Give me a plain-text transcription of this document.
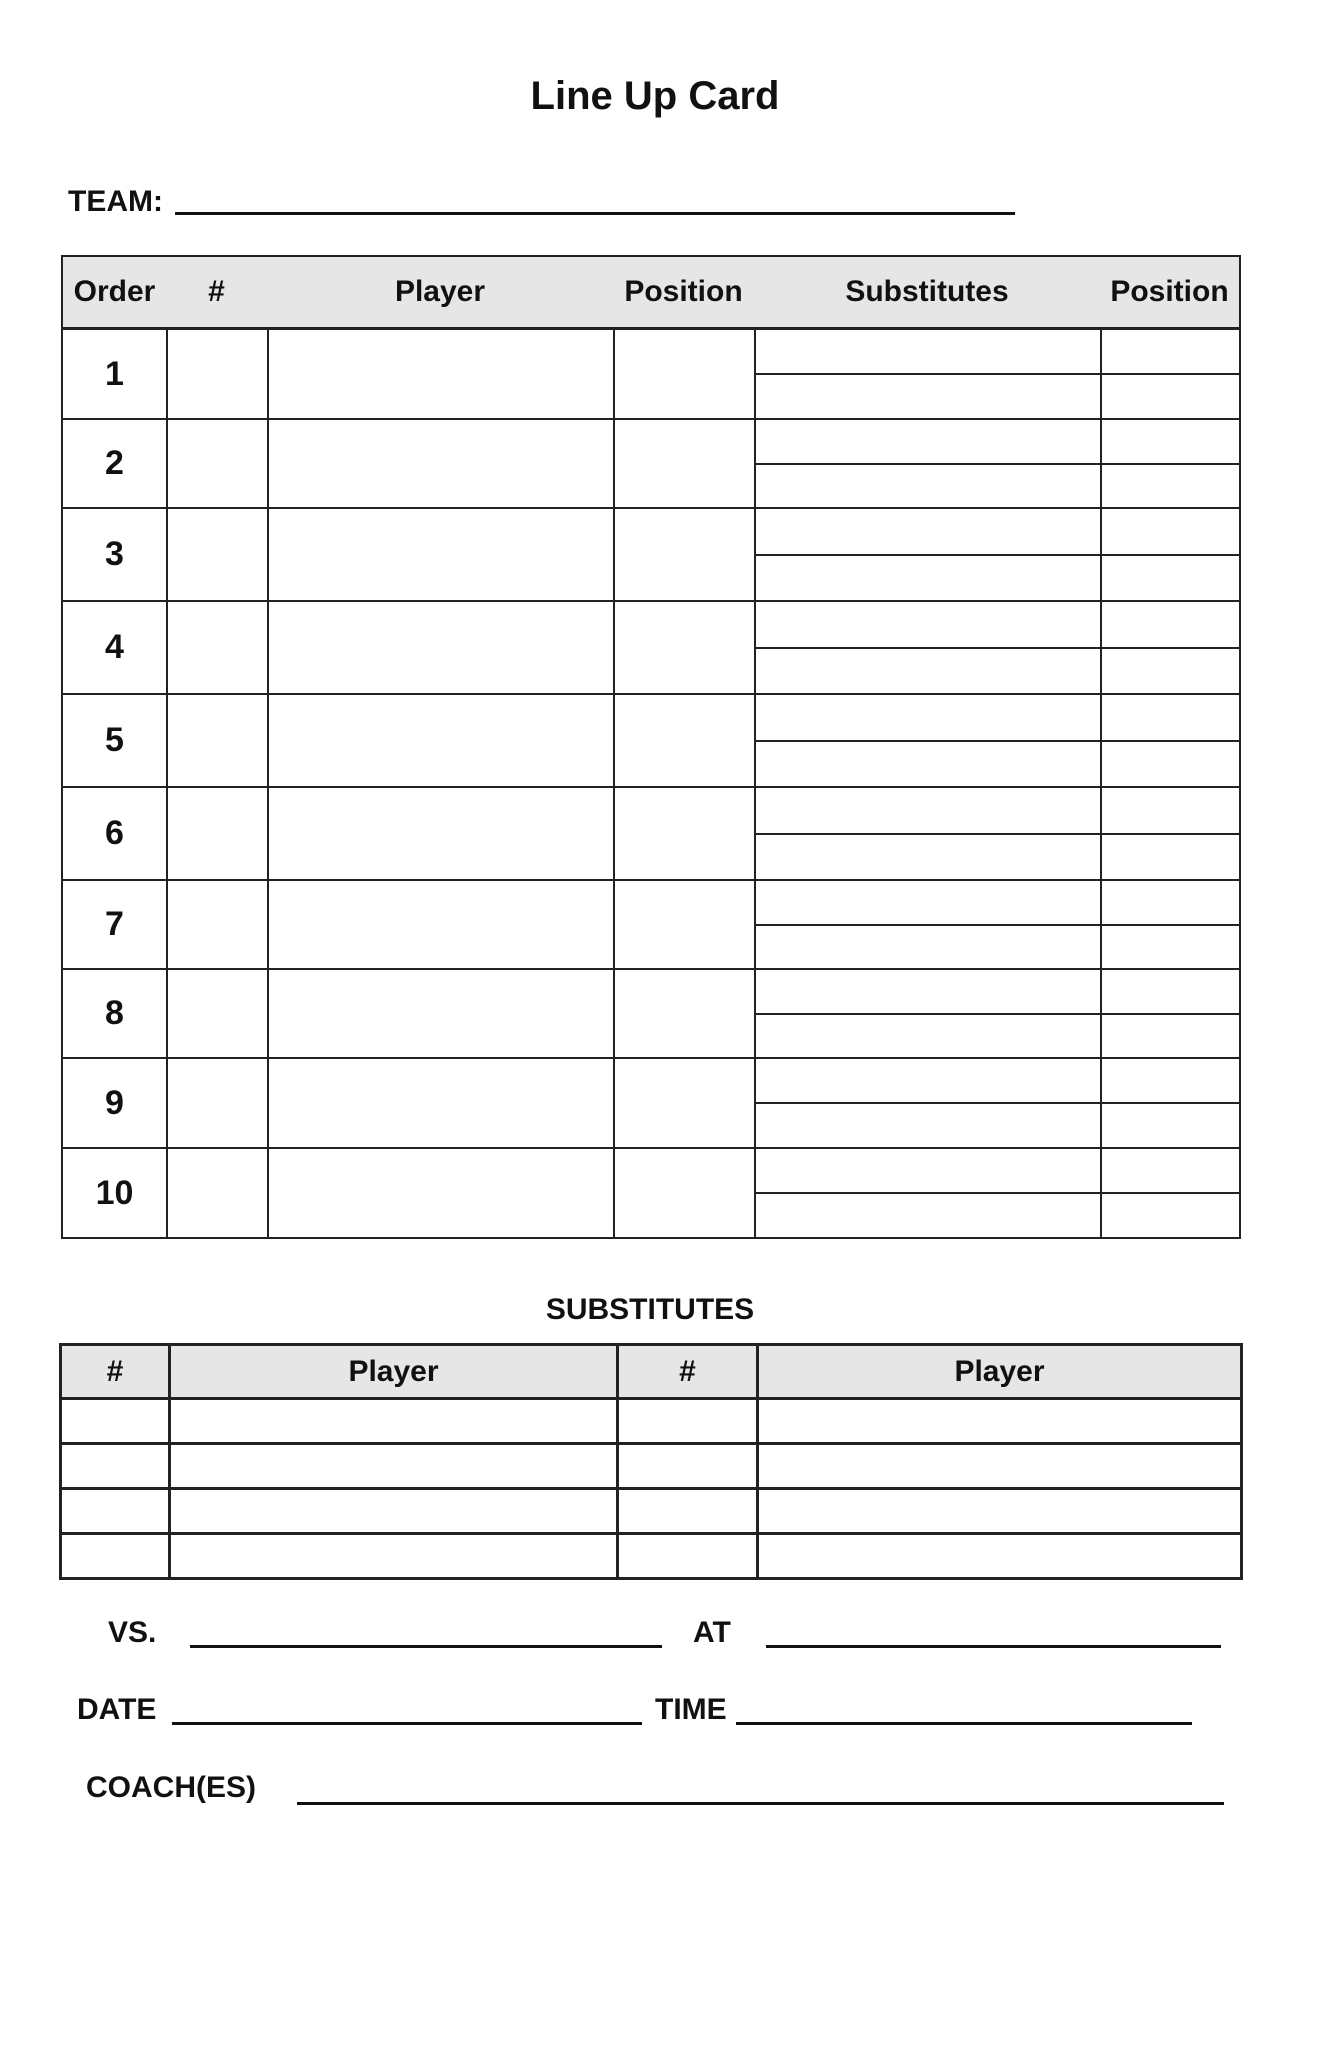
Line Up Card
TEAM:
Order	#	Player	Position	Substitutes	Position
1
2
3
4
5
6
7
8
9
10
SUBSTITUTES
#	Player	#	Player
VS.	AT
DATE	TIME
COACH(ES)
